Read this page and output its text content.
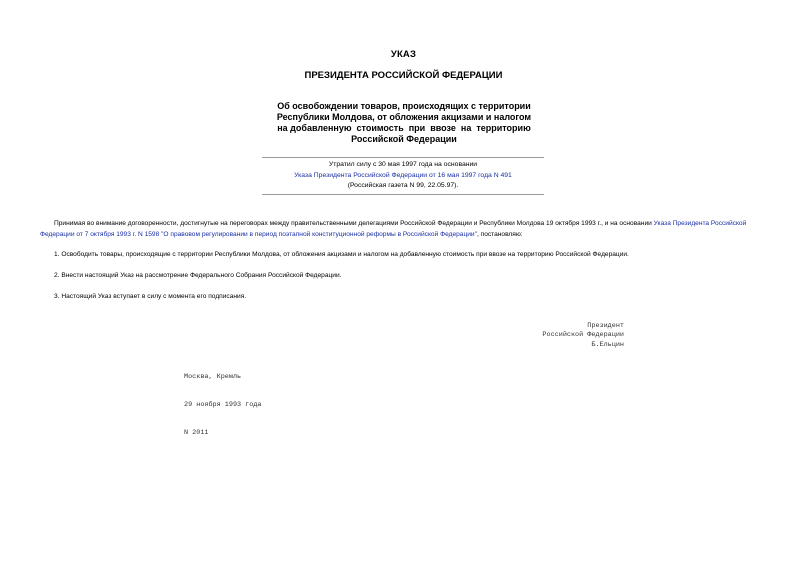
УКАЗ
ПРЕЗИДЕНТА РОССИЙСКОЙ ФЕДЕРАЦИИ
Об освобождении товаров, происходящих с территории
Республики Молдова, от обложения акцизами и налогом
на добавленную  стоимость  при  ввозе  на  территорию
Российской Федерации
Утратил силу с 30 мая 1997 года на основании
Указа Президента Российской Федерации от 16 мая 1997 года N 491
(Российская газета N 99, 22.05.97).
Принимая во внимание договоренности, достигнутые на переговорах между правительственными делегациями Российской Федерации и Республики Молдова 19 октября 1993 г., и на основании Указа Президента Российской Федерации от 7 октября 1993 г. N 1598 "О правовом регулировании в период поэтапной конституционной реформы в Российской Федерации", постановляю:
1. Освободить товары, происходящие с территории Республики Молдова, от обложения акцизами и налогом на добавленную стоимость при ввозе на территорию Российской Федерации.
2. Внести настоящий Указ на рассмотрение Федерального Собрания Российской Федерации.
3. Настоящий Указ вступает в силу с момента его подписания.
Президент
Российской Федерации
Б.Ельцин

Москва, Кремль

29 ноября 1993 года

N 2011
